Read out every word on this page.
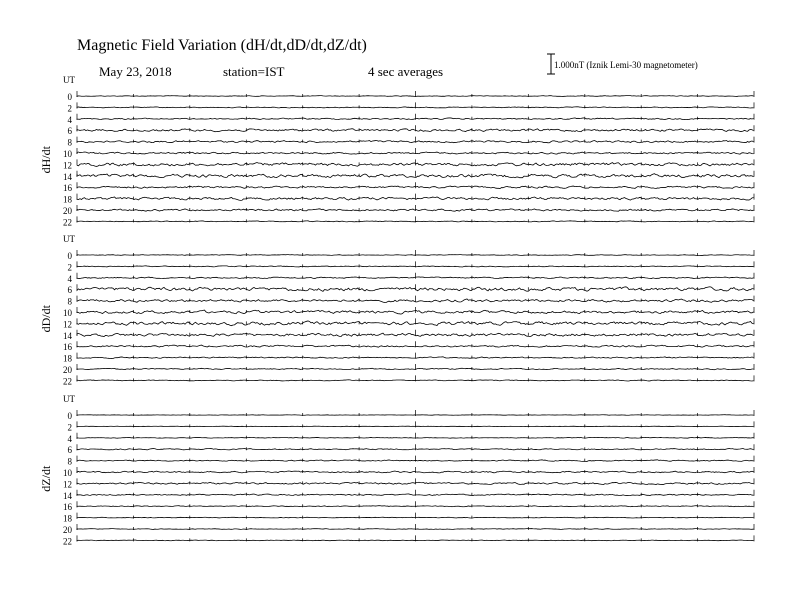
UT
dH/dt
0
2
4
6
8
10
12
14
16
18
20
22
UT
dD/dt
0
2
4
6
8
10
12
14
16
18
20
22
UT
dZ/dt
0
2
4
6
8
10
12
14
16
18
20
22
Magnetic Field Variation (dH/dt,dD/dt,dZ/dt)
May 23, 2018	station=IST	4 sec averages	1.000nT (Iznik Lemi-30 magnetometer)
